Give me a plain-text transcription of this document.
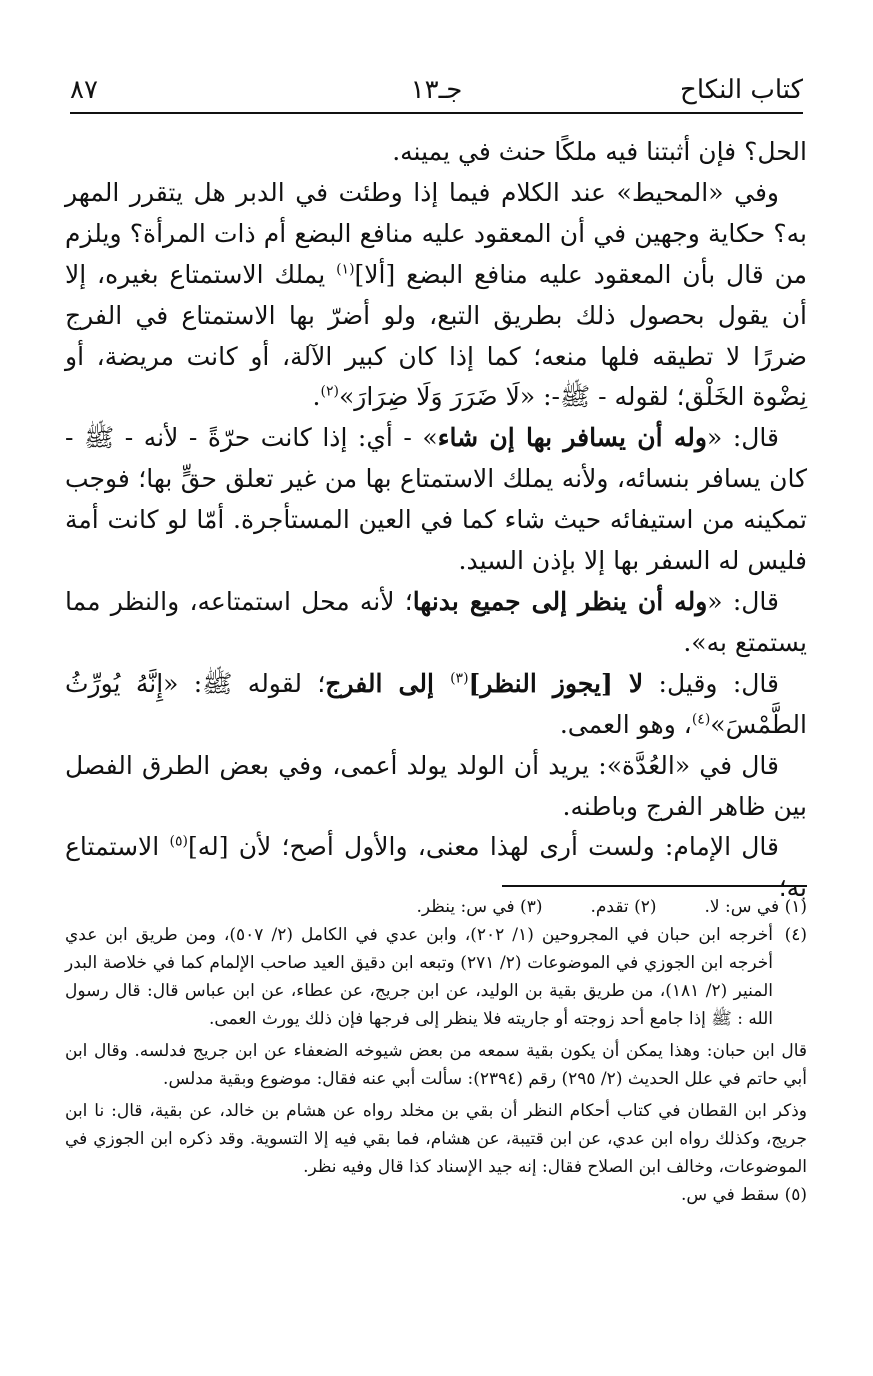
كتاب النكاح
جـ١٣
٨٧

الحل؟ فإن أثبتنا فيه ملكًا حنث في يمينه.

وفي «المحيط» عند الكلام فيما إذا وطئت في الدبر هل يتقرر المهر به؟ حكاية وجهين في أن المعقود عليه منافع البضع أم ذات المرأة؟ ويلزم من قال بأن المعقود عليه منافع البضع [ألا]$^{(١)}$ يملك الاستمتاع بغيره، إلا أن يقول بحصول ذلك بطريق التبع، ولو أضرّ بها الاستمتاع في الفرج ضررًا لا تطيقه فلها منعه؛ كما إذا كان كبير الآلة، أو كانت مريضة، أو نِضْوة الخَلْق؛ لقوله - ﷺ-: «لَا ضَرَرَ وَلَا ضِرَارَ»$^{(٢)}$.

قال: «وله أن يسافر بها إن شاء» - أي: إذا كانت حرّةً - لأنه - ﷺ - كان يسافر بنسائه، ولأنه يملك الاستمتاع بها من غير تعلق حقٍّ بها؛ فوجب تمكينه من استيفائه حيث شاء كما في العين المستأجرة. أمّا لو كانت أمة فليس له السفر بها إلا بإذن السيد.

قال: «وله أن ينظر إلى جميع بدنها؛ لأنه محل استمتاعه، والنظر مما يستمتع به».

قال: وقيل: لا [يجوز النظر]$^{(٣)}$ إلى الفرج؛ لقوله ﷺ: «إِنَّهُ يُورِّثُ الطَّمْسَ»$^{(٤)}$، وهو العمى.

قال في «العُدَّة»: يريد أن الولد يولد أعمى، وفي بعض الطرق الفصل بين ظاهر الفرج وباطنه.

قال الإمام: ولست أرى لهذا معنى، والأول أصح؛ لأن [له]$^{(٥)}$ الاستمتاع به؛

(١) في س: لا.
(٢) تقدم.
(٣) في س: ينظر.

(٤)أخرجه ابن حبان في المجروحين (١/ ٢٠٢)، وابن عدي في الكامل (٢/ ٥٠٧)، ومن طريق ابن عدي أخرجه ابن الجوزي في الموضوعات (٢/ ٢٧١) وتبعه ابن دقيق العيد صاحب الإلمام كما في خلاصة البدر المنير (٢/ ١٨١)، من طريق بقية بن الوليد، عن ابن جريج، عن عطاء، عن ابن عباس قال: قال رسول الله : ﷺ إذا جامع أحد زوجته أو جاريته فلا ينظر إلى فرجها فإن ذلك يورث العمى.

قال ابن حبان: وهذا يمكن أن يكون بقية سمعه من بعض شيوخه الضعفاء عن ابن جريج فدلسه. وقال ابن أبي حاتم في علل الحديث (٢/ ٢٩٥) رقم (٢٣٩٤): سألت أبي عنه فقال: موضوع وبقية مدلس.

وذكر ابن القطان في كتاب أحكام النظر أن بقي بن مخلد رواه عن هشام بن خالد، عن بقية، قال: نا ابن جريج، وكذلك رواه ابن عدي، عن ابن قتيبة، عن هشام، فما بقي فيه إلا التسوية. وقد ذكره ابن الجوزي في الموضوعات، وخالف ابن الصلاح فقال: إنه جيد الإسناد كذا قال وفيه نظر.

(٥) سقط في س.
